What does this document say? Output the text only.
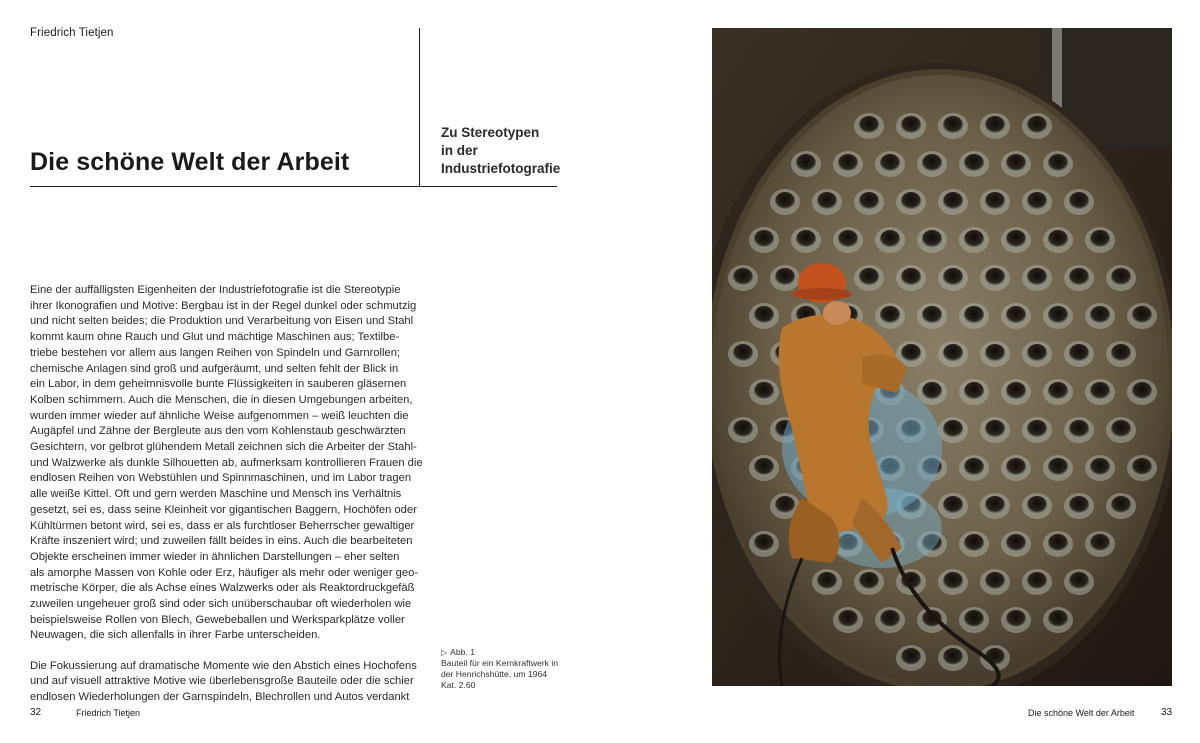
Friedrich Tietjen
Die schöne Welt der Arbeit
Zu Stereotypen
in der
Industriefotografie
Eine der auffälligsten Eigenheiten der Industriefotografie ist die Stereotypie
ihrer Ikonografien und Motive: Bergbau ist in der Regel dunkel oder schmutzig
und nicht selten beides; die Produktion und Verarbeitung von Eisen und Stahl
kommt kaum ohne Rauch und Glut und mächtige Maschinen aus; Textilbe-
triebe bestehen vor allem aus langen Reihen von Spindeln und Garnrollen;
chemische Anlagen sind groß und aufgeräumt, und selten fehlt der Blick in
ein Labor, in dem geheimnisvolle bunte Flüssigkeiten in sauberen gläsernen
Kolben schimmern. Auch die Menschen, die in diesen Umgebungen arbeiten,
wurden immer wieder auf ähnliche Weise aufgenommen – weiß leuchten die
Augäpfel und Zähne der Bergleute aus den vom Kohlenstaub geschwärzten
Gesichtern, vor gelbrot glühendem Metall zeichnen sich die Arbeiter der Stahl-
und Walzwerke als dunkle Silhouetten ab, aufmerksam kontrollieren Frauen die
endlosen Reihen von Webstühlen und Spinnmaschinen, und im Labor tragen
alle weiße Kittel. Oft und gern werden Maschine und Mensch ins Verhältnis
gesetzt, sei es, dass seine Kleinheit vor gigantischen Baggern, Hochöfen oder
Kühltürmen betont wird, sei es, dass er als furchtloser Beherrscher gewaltiger
Kräfte inszeniert wird; und zuweilen fällt beides in eins. Auch die bearbeiteten
Objekte erscheinen immer wieder in ähnlichen Darstellungen – eher selten
als amorphe Massen von Kohle oder Erz, häufiger als mehr oder weniger geo-
metrische Körper, die als Achse eines Walzwerks oder als Reaktordruckgefäß
zuweilen ungeheuer groß sind oder sich unüberschaubar oft wiederholen wie
beispielsweise Rollen von Blech, Gewebeballen und Werksparkplätze voller
Neuwagen, die sich allenfalls in ihrer Farbe unterscheiden.
Die Fokussierung auf dramatische Momente wie den Abstich eines Hochofens
und auf visuell attraktive Motive wie überlebensgroße Bauteile oder die schier
endlosen Wiederholungen der Garnspindeln, Blechrollen und Autos verdankt
▷ Abb. 1
Bauteil für ein Kernkraftwerk in
der Henrichshütte, um 1964
Kat. 2.60
32	Friedrich Tietjen	Die schöne Welt der Arbeit	33
